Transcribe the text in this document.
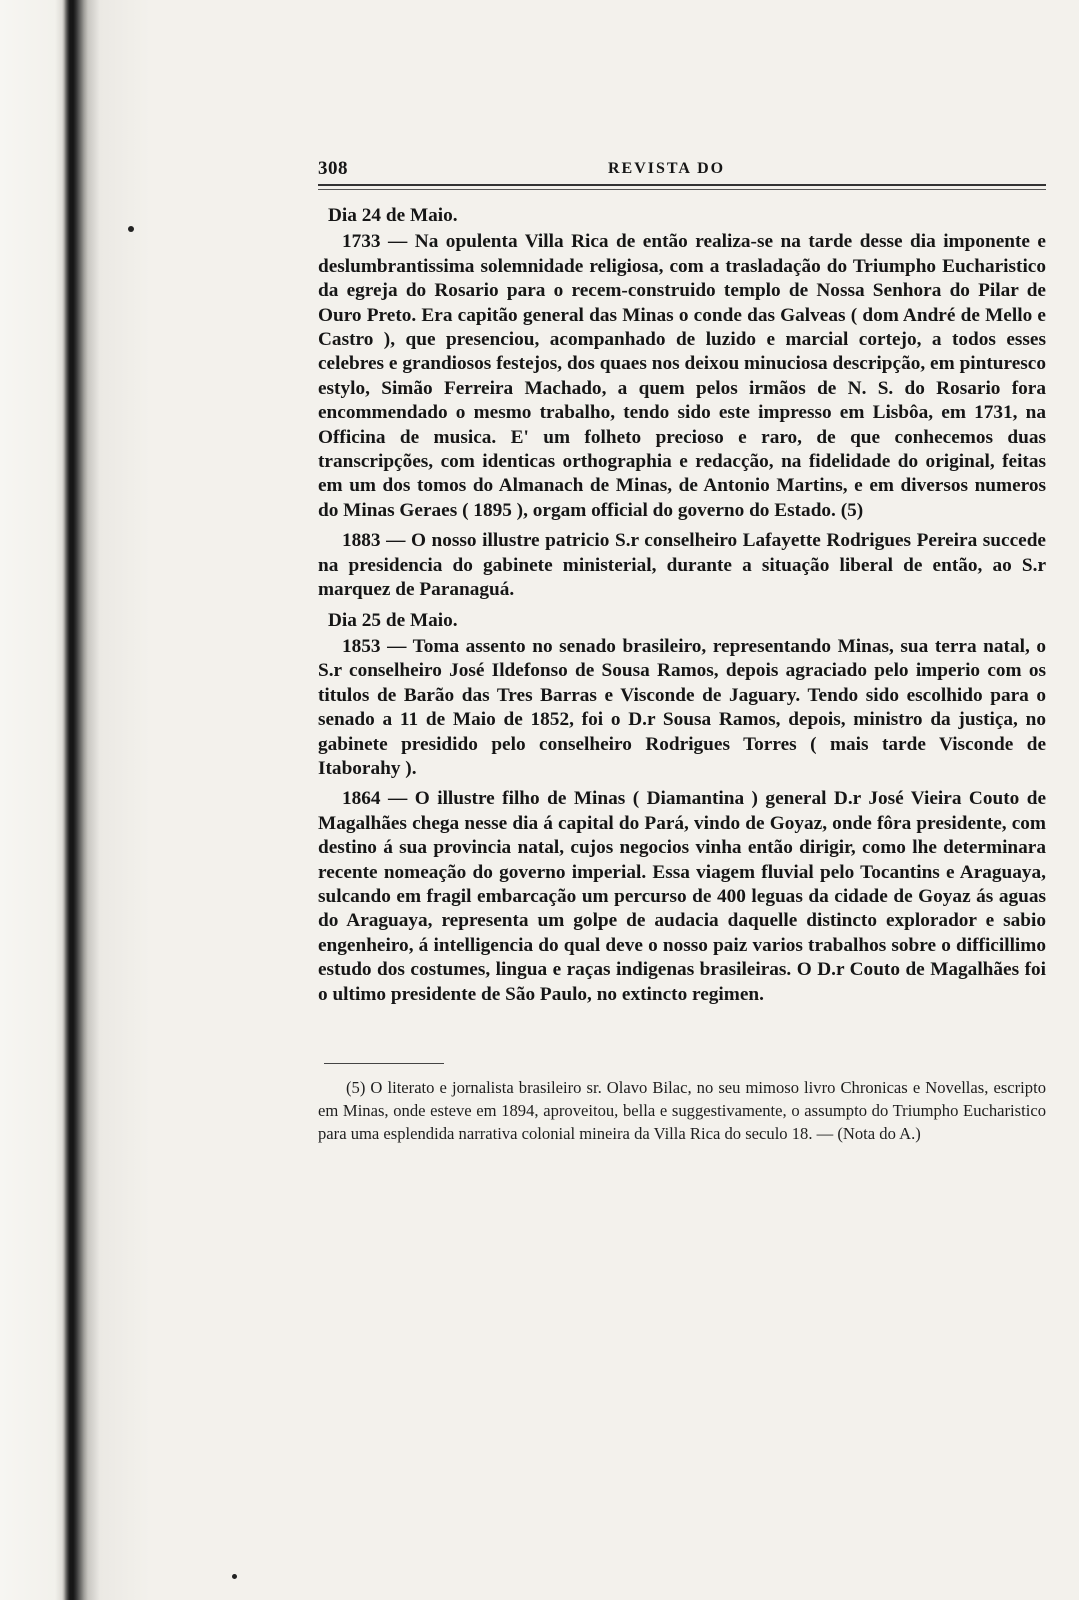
308	REVISTA DO
Dia 24 de Maio.

1733 — Na opulenta Villa Rica de então realiza-se na tarde desse dia imponente e deslumbrantissima solemnidade religiosa, com a trasladação do Triumpho Eucharistico da egreja do Rosario para o recem-construido templo de Nossa Senhora do Pilar de Ouro Preto. Era capitão general das Minas o conde das Galveas ( dom André de Mello e Castro ), que presenciou, acompanhado de luzido e marcial cortejo, a todos esses celebres e grandiosos festejos, dos quaes nos deixou minuciosa descripção, em pinturesco estylo, Simão Ferreira Machado, a quem pelos irmãos de N. S. do Rosario fora encommendado o mesmo trabalho, tendo sido este impresso em Lisbôa, em 1731, na Officina de musica. E' um folheto precioso e raro, de que conhecemos duas transcripções, com identicas orthographia e redacção, na fidelidade do original, feitas em um dos tomos do Almanach de Minas, de Antonio Martins, e em diversos numeros do Minas Geraes ( 1895 ), orgam official do governo do Estado. (5)

1883 — O nosso illustre patricio S.r conselheiro Lafayette Rodrigues Pereira succede na presidencia do gabinete ministerial, durante a situação liberal de então, ao S.r marquez de Paranaguá.

Dia 25 de Maio.

1853 — Toma assento no senado brasileiro, representando Minas, sua terra natal, o S.r conselheiro José Ildefonso de Sousa Ramos, depois agraciado pelo imperio com os titulos de Barão das Tres Barras e Visconde de Jaguary. Tendo sido escolhido para o senado a 11 de Maio de 1852, foi o D.r Sousa Ramos, depois, ministro da justiça, no gabinete presidido pelo conselheiro Rodrigues Torres ( mais tarde Visconde de Itaborahy ).

1864 — O illustre filho de Minas ( Diamantina ) general D.r José Vieira Couto de Magalhães chega nesse dia á capital do Pará, vindo de Goyaz, onde fôra presidente, com destino á sua provincia natal, cujos negocios vinha então dirigir, como lhe determinara recente nomeação do governo imperial. Essa viagem fluvial pelo Tocantins e Araguaya, sulcando em fragil embarcação um percurso de 400 leguas da cidade de Goyaz ás aguas do Araguaya, representa um golpe de audacia daquelle distincto explorador e sabio engenheiro, á intelligencia do qual deve o nosso paiz varios trabalhos sobre o difficillimo estudo dos costumes, lingua e raças indigenas brasileiras. O D.r Couto de Magalhães foi o ultimo presidente de São Paulo, no extincto regimen.

(5) O literato e jornalista brasileiro sr. Olavo Bilac, no seu mimoso livro Chronicas e Novellas, escripto em Minas, onde esteve em 1894, aproveitou, bella e suggestivamente, o assumpto do Triumpho Eucharistico para uma esplendida narrativa colonial mineira da Villa Rica do seculo 18. — (Nota do A.)
